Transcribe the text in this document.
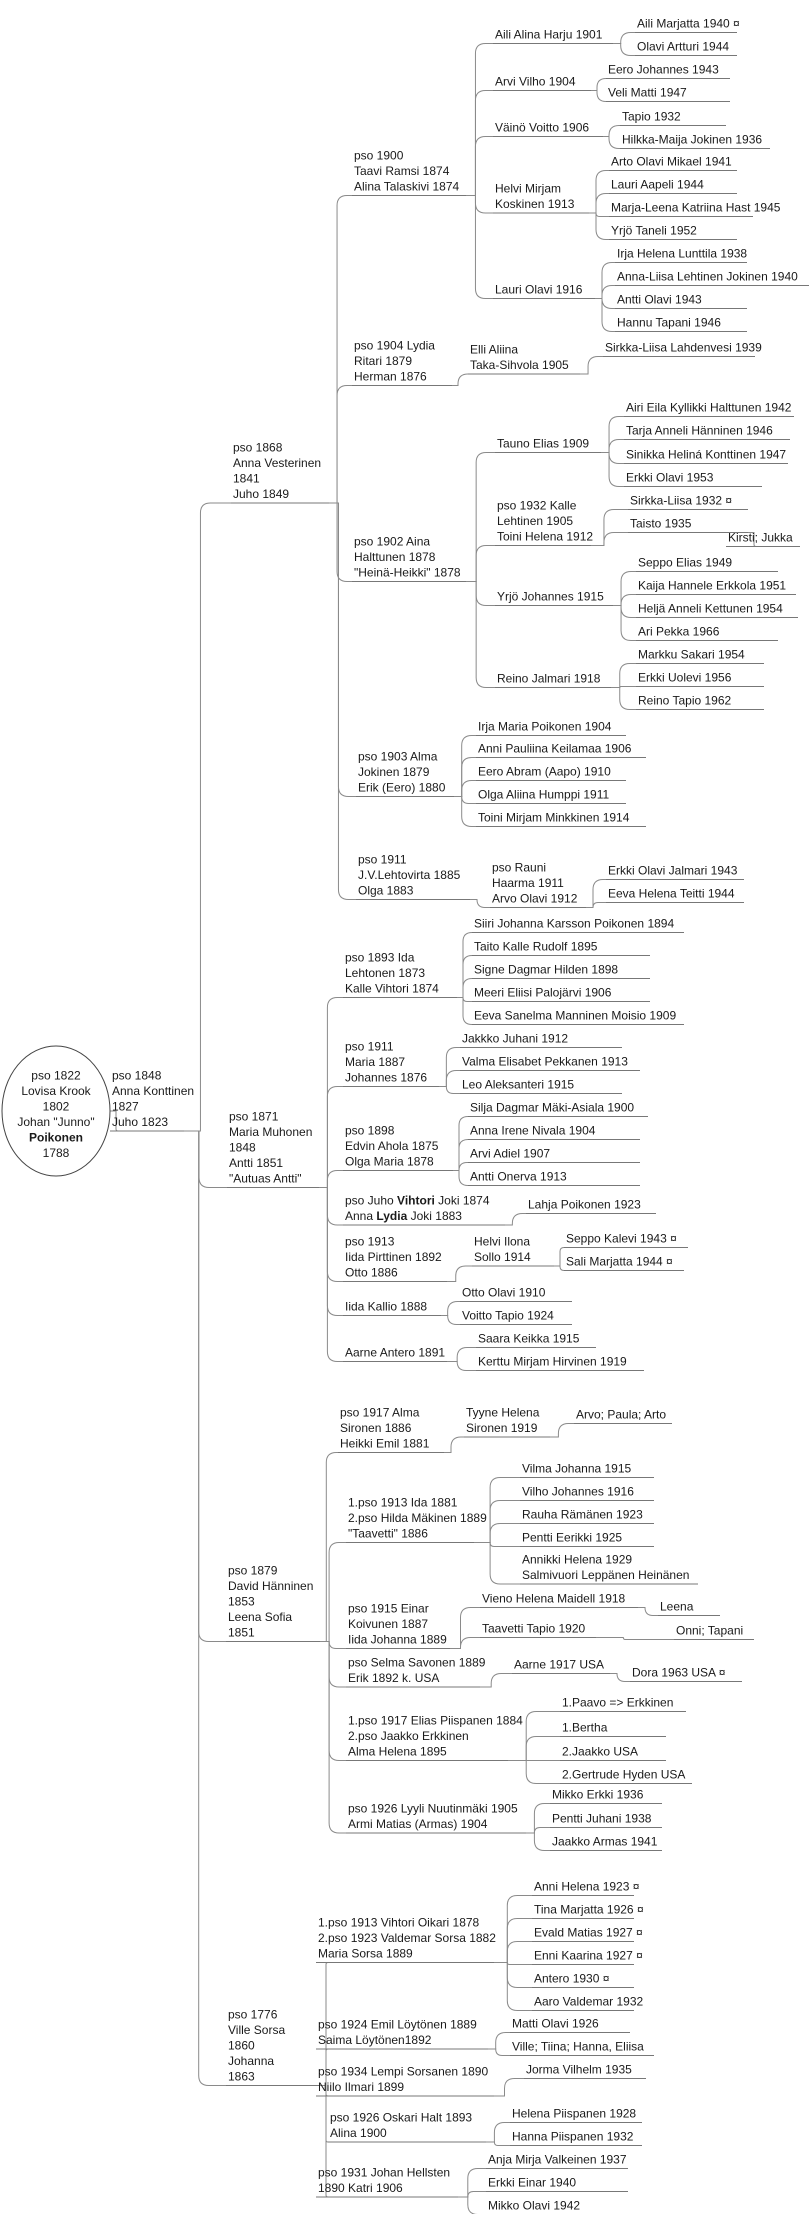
pso 1822
Lovisa Krook
1802
Johan "Junno"
Poikonen
1788
pso 1848
Anna Konttinen
1827
Juho 1823
pso 1868
Anna Vesterinen
1841
Juho 1849
pso 1871
Maria Muhonen
1848
Antti 1851
"Autuas Antti"
pso 1879
David Hänninen
1853
Leena Sofia
1851
pso 1776
Ville Sorsa
1860
Johanna
1863
pso 1900
Taavi Ramsi 1874
Alina Talaskivi 1874
pso 1904 Lydia
Ritari 1879
Herman 1876
pso 1902 Aina
Halttunen 1878
"Heinä-Heikki" 1878
pso 1903 Alma
Jokinen 1879
Erik (Eero) 1880
pso 1911
J.V.Lehtovirta 1885
Olga 1883
Aili Alina Harju 1901
Arvi Vilho 1904
Väinö Voitto 1906
Helvi Mirjam
Koskinen 1913
Lauri Olavi 1916
Aili Marjatta 1940 ¤
Olavi Artturi 1944
Eero Johannes 1943
Veli Matti 1947
Tapio 1932
Hilkka-Maija Jokinen 1936
Arto Olavi Mikael 1941
Lauri Aapeli 1944
Marja-Leena Katriina Hast 1945
Yrjö Taneli 1952
Irja Helena Lunttila 1938
Anna-Liisa Lehtinen Jokinen 1940
Antti Olavi 1943
Hannu Tapani 1946
Elli Aliina
Taka-Sihvola 1905
Sirkka-Liisa Lahdenvesi 1939
Tauno Elias 1909
pso 1932 Kalle
Lehtinen 1905
Toini Helena 1912
Yrjö Johannes 1915
Reino Jalmari 1918
Airi Eila Kyllikki Halttunen 1942
Tarja Anneli Hänninen 1946
Sinikka Heliná Konttinen 1947
Erkki Olavi 1953
Sirkka-Liisa 1932 ¤
Taisto 1935
Kirsti; Jukka
Seppo Elias 1949
Kaija Hannele Erkkola 1951
Heljä Anneli Kettunen 1954
Ari Pekka 1966
Markku Sakari 1954
Erkki Uolevi 1956
Reino Tapio 1962
Irja Maria Poikonen 1904
Anni Pauliina Keilamaa 1906
Eero Abram (Aapo) 1910
Olga Aliina Humppi 1911
Toini Mirjam Minkkinen 1914
pso Rauni
Haarma 1911
Arvo Olavi 1912
Erkki Olavi Jalmari 1943
Eeva Helena Teitti 1944
pso 1893 Ida
Lehtonen 1873
Kalle Vihtori 1874
pso 1911
Maria 1887
Johannes 1876
pso 1898
Edvin Ahola 1875
Olga Maria 1878
pso Juho Vihtori Joki 1874
Anna Lydia Joki 1883
pso 1913
Iida Pirttinen 1892
Otto 1886
Iida Kallio 1888
Aarne Antero 1891
Siiri Johanna Karsson Poikonen 1894
Taito Kalle Rudolf 1895
Signe Dagmar Hilden 1898
Meeri Eliisi Palojärvi 1906
Eeva Sanelma Manninen Moisio 1909
Jakkko Juhani 1912
Valma Elisabet Pekkanen 1913
Leo Aleksanteri 1915
Silja Dagmar Mäki-Asiala 1900
Anna Irene Nivala 1904
Arvi Adiel 1907
Antti Onerva 1913
Lahja Poikonen 1923
Helvi Ilona
Sollo 1914
Seppo Kalevi 1943 ¤
Sali Marjatta 1944 ¤
Otto Olavi 1910
Voitto Tapio 1924
Saara Keikka 1915
Kerttu Mirjam Hirvinen 1919
pso 1917 Alma
Sironen 1886
Heikki Emil 1881
1.pso 1913 Ida 1881
2.pso Hilda Mäkinen 1889
"Taavetti" 1886
pso 1915 Einar
Koivunen 1887
Iida Johanna 1889
pso Selma Savonen 1889
Erik 1892 k. USA
1.pso 1917 Elias Piispanen 1884
2.pso Jaakko Erkkinen
Alma Helena 1895
pso 1926 Lyyli Nuutinmäki 1905
Armi Matias (Armas) 1904
Tyyne Helena
Sironen 1919
Arvo; Paula; Arto
Vilma Johanna 1915
Vilho Johannes 1916
Rauha Rämänen 1923
Pentti Eerikki 1925
Annikki Helena 1929
Salmivuori Leppänen Heinänen
Vieno Helena Maidell 1918
Taavetti Tapio 1920
Leena
Onni; Tapani
Aarne 1917 USA
Dora 1963 USA ¤
1.Paavo => Erkkinen
1.Bertha
2.Jaakko USA
2.Gertrude Hyden USA
Mikko Erkki 1936
Pentti Juhani 1938
Jaakko Armas 1941
1.pso 1913 Vihtori Oikari 1878
2.pso 1923 Valdemar Sorsa 1882
Maria Sorsa 1889
pso 1924 Emil Löytönen 1889
Saima Löytönen1892
pso 1934 Lempi Sorsanen 1890
Niilo Ilmari 1899
pso 1926 Oskari Halt 1893
Alina 1900
pso 1931 Johan Hellsten
1890 Katri 1906
Anni Helena 1923 ¤
Tina Marjatta 1926 ¤
Evald Matias 1927 ¤
Enni Kaarina 1927 ¤
Antero 1930 ¤
Aaro Valdemar 1932
Matti Olavi 1926
Ville; Tiina; Hanna, Eliisa
Jorma Vilhelm 1935
Helena Piispanen 1928
Hanna Piispanen 1932
Anja Mirja Valkeinen 1937
Erkki Einar 1940
Mikko Olavi 1942
